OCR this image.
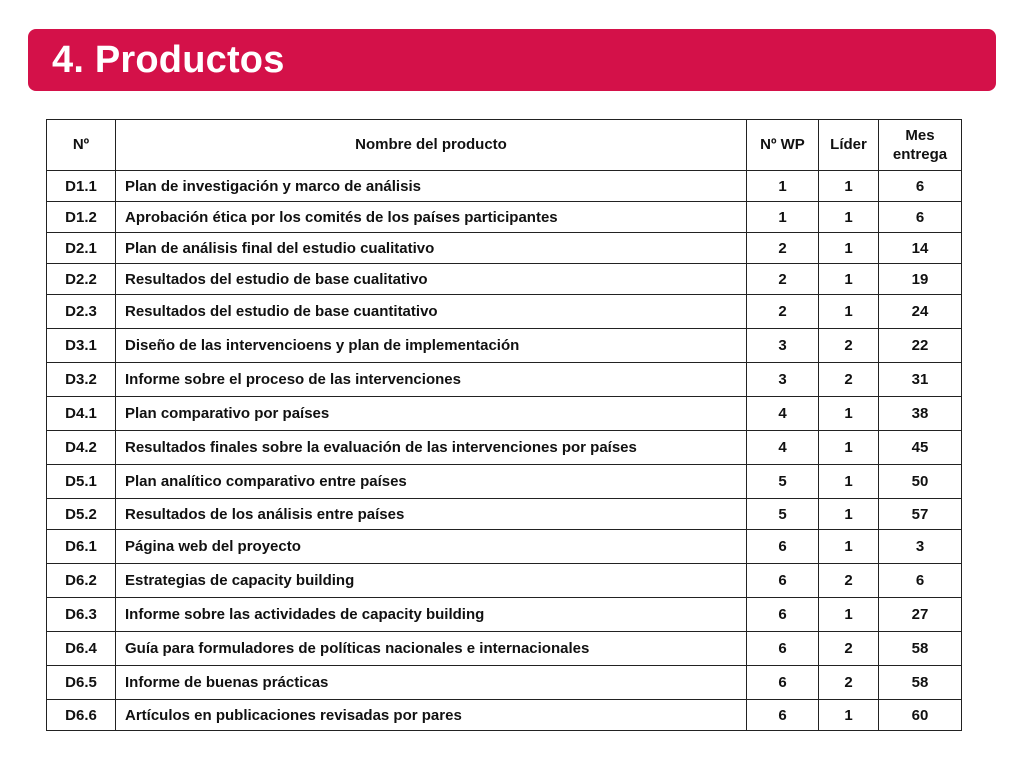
4. Productos
Nº	Nombre del producto	Nº WP	Líder	Mes
entrega
D1.1	Plan de investigación y marco de análisis	1	1	6
D1.2	Aprobación ética por los comités de los países participantes	1	1	6
D2.1	Plan de análisis final del estudio cualitativo	2	1	14
D2.2	Resultados del estudio de base cualitativo	2	1	19
D2.3	Resultados del estudio de base cuantitativo	2	1	24
D3.1	Diseño de las intervencioens y plan de implementación	3	2	22
D3.2	Informe sobre el proceso de las intervenciones	3	2	31
D4.1	Plan comparativo por países	4	1	38
D4.2	Resultados finales sobre la evaluación de las intervenciones por países	4	1	45
D5.1	Plan analítico comparativo entre países	5	1	50
D5.2	Resultados de los análisis entre países	5	1	57
D6.1	Página web del proyecto	6	1	3
D6.2	Estrategias de capacity building	6	2	6
D6.3	Informe sobre las actividades de capacity building	6	1	27
D6.4	Guía para formuladores de políticas nacionales e internacionales	6	2	58
D6.5	Informe de buenas prácticas	6	2	58
D6.6	Artículos en publicaciones revisadas por pares	6	1	60
